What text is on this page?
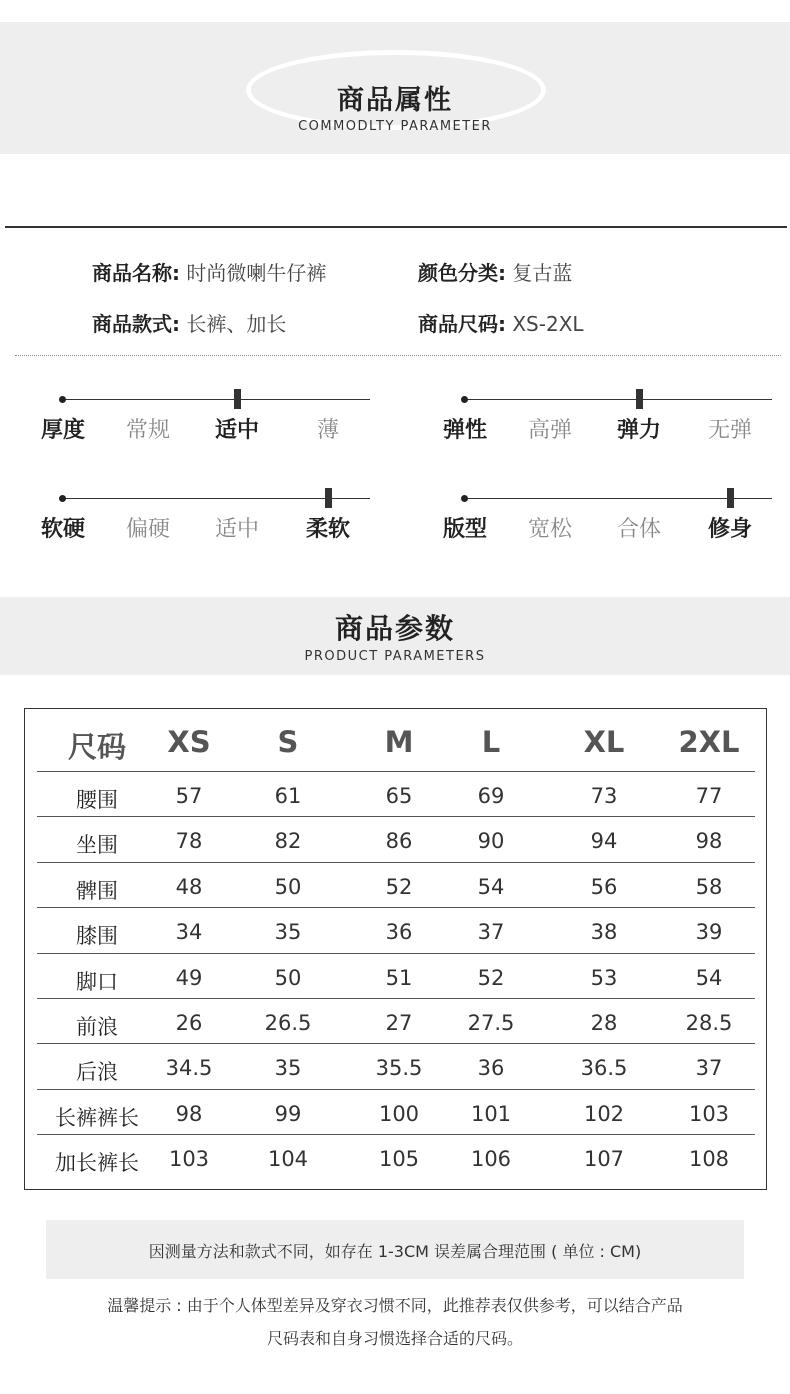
商品属性
COMMODLTY PARAMETER
商品名称: 时尚微喇牛仔裤	颜色分类: 复古蓝
商品款式: 长裤、加长	商品尺码: XS-2XL
厚度 常规 适中	薄	弹性 高弹 弹力 无弹
软硬 偏硬 适中 柔软	版型 宽松 合体 修身
商品参数
PRODUCT PARAMETERS
尺码 XS S	M L	XL 2XL
腰围	57	61	65	69	73	77
坐围	78	82	86	90	94	98
髀围	48	50	52	54	56	58
膝围	34	35	36	37	38	39
脚口	49	50	51	52	53	54
前浪	26	26.5	27	27.5	28	28.5
后浪 34.5	35	35.5	36	36.5	37
长裤裤长 98	99	100 101	102	103
加长裤长 103	104	105 106	107	108
因测量方法和款式不同，如存在 1-3CM 误差属合理范围 ( 单位 : CM)
温馨提示 : 由于个人体型差异及穿衣习惯不同，此推荐表仅供参考，可以结合产品
尺码表和自身习惯选择合适的尺码。
